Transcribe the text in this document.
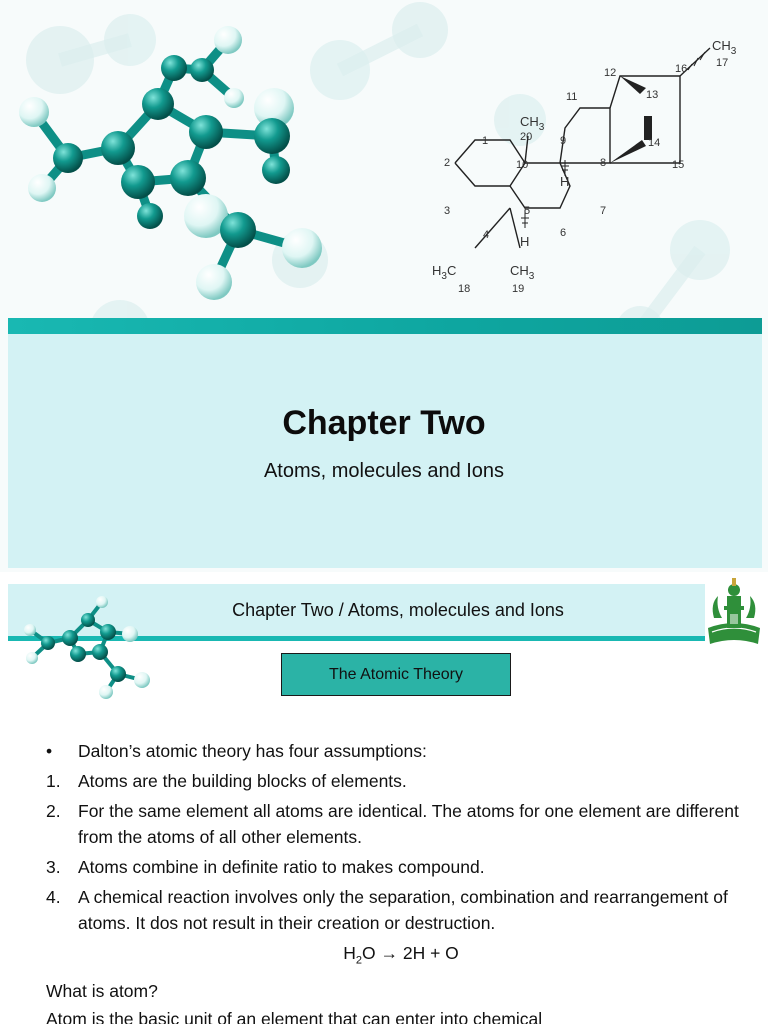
$CH_3$
17
16
15
14
13
12
11
9
8
7
6
5
4
3
2
1
10
20
$CH_3$
H
H
$H_3C$
18
$CH_3$
19
Chapter Two
Atoms, molecules and Ions
Chapter Two / Atoms, molecules and Ions
The Atomic Theory
•	Dalton’s atomic theory has four assumptions:
1. Atoms are the building blocks of elements.
2. For the same element all atoms are identical. The atoms for one element are different from the atoms of all other elements.
3. Atoms combine in definite ratio to makes compound.
4. A chemical reaction involves only the separation, combination and rearrangement of atoms. It dos not result in their creation or destruction.
$H_2O \to 2H + O$
What is atom?
Atom is the basic unit of an element that can enter into chemical
